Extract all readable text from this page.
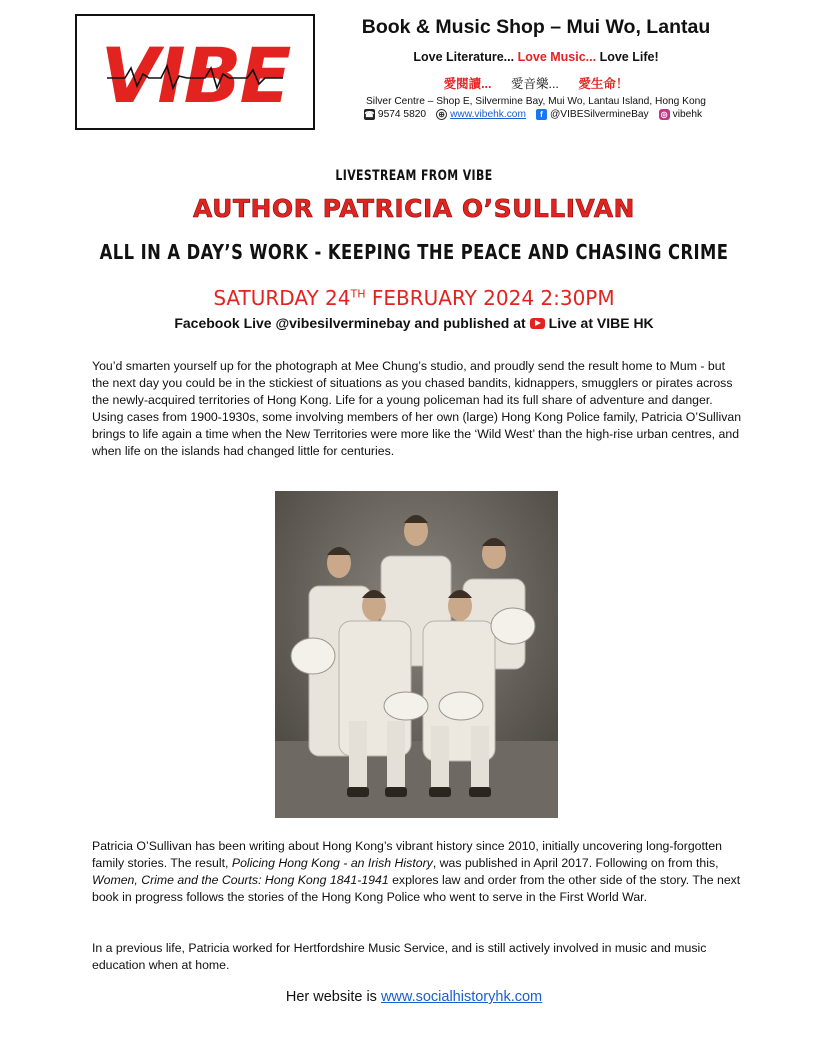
VIBE
Book & Music Shop – Mui Wo, Lantau
Love Literature... Love Music... Love Life!
愛閱讀... 愛音樂... 愛生命！
Silver Centre – Shop E, Silvermine Bay, Mui Wo, Lantau Island, Hong Kong
☎ 9574 5820 ⊕ www.vibehk.com	f @VIBESilvermineBay ◎ vibehk
LIVESTREAM FROM VIBE
AUTHOR PATRICIA O’SULLIVAN
ALL IN A DAY’S WORK - KEEPING THE PEACE AND CHASING CRIME
SATURDAY 24TH FEBRUARY 2024 2:30PM
Facebook Live @vibesilverminebay and published at Live at VIBE HK
You’d smarten yourself up for the photograph at Mee Chung’s studio, and proudly send the result home to Mum - but the next day you could be in the stickiest of situations as you chased bandits, kidnappers, smugglers or pirates across the newly-acquired territories of Hong Kong. Life for a young policeman had its full share of adventure and danger. Using cases from 1900-1930s, some involving members of her own (large) Hong Kong Police family, Patricia O’Sullivan brings to life again a time when the New Territories were more like the ‘Wild West’ than the high-rise urban centres, and when life on the islands had changed little for centuries.
Patricia O’Sullivan has been writing about Hong Kong’s vibrant history since 2010, initially uncovering long-forgotten family stories. The result, Policing Hong Kong - an Irish History, was published in April 2017. Following on from this, Women, Crime and the Courts: Hong Kong 1841-1941 explores law and order from the other side of the story. The next book in progress follows the stories of the Hong Kong Police who went to serve in the First World War.
In a previous life, Patricia worked for Hertfordshire Music Service, and is still actively involved in music and music education when at home.
Her website is www.socialhistoryhk.com
